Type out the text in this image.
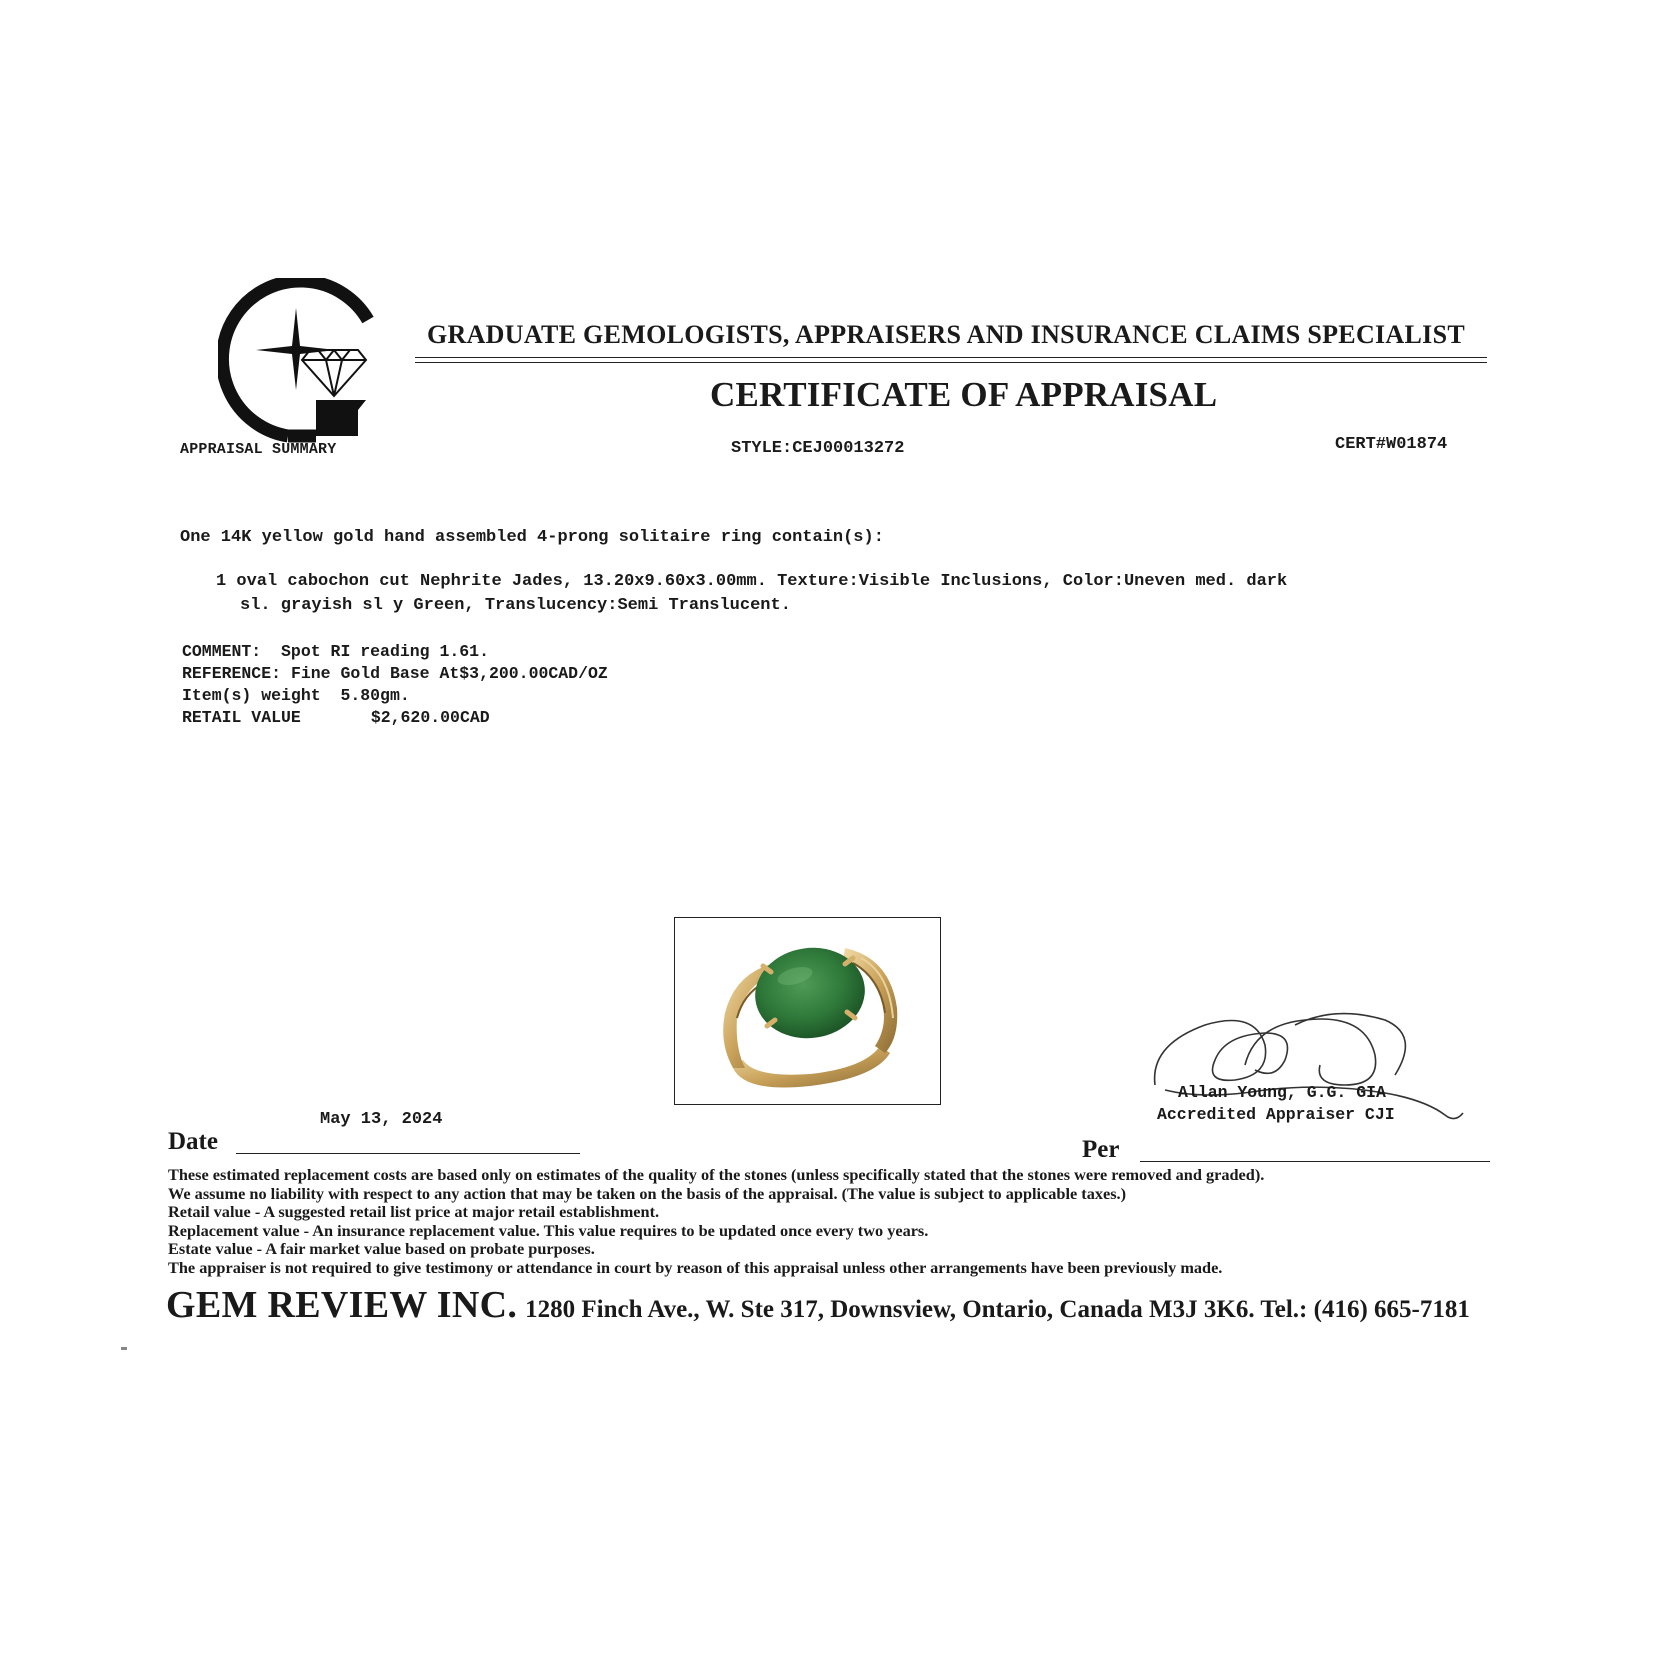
APPRAISAL SUMMARY
GRADUATE GEMOLOGISTS, APPRAISERS AND INSURANCE CLAIMS SPECIALIST
CERTIFICATE OF APPRAISAL
STYLE:CEJ00013272	CERT#W01874
One 14K yellow gold hand assembled 4-prong solitaire ring contain(s):
1 oval cabochon cut Nephrite Jades, 13.20x9.60x3.00mm. Texture:Visible Inclusions, Color:Uneven med. dark
sl. grayish sl y Green, Translucency:Semi Translucent.
COMMENT: Spot RI reading 1.61.
REFERENCE: Fine Gold Base At$3,200.00CAD/OZ
Item(s) weight 5.80gm.
RETAIL VALUE	$2,620.00CAD
Allan Young, G.G. GIA
Accredited Appraiser CJI
May 13, 2024
Date	Per
These estimated replacement costs are based only on estimates of the quality of the stones (unless specifically stated that the stones were removed and graded).
We assume no liability with respect to any action that may be taken on the basis of the appraisal. (The value is subject to applicable taxes.)
Retail value - A suggested retail list price at major retail establishment.
Replacement value - An insurance replacement value. This value requires to be updated once every two years.
Estate value - A fair market value based on probate purposes.
The appraiser is not required to give testimony or attendance in court by reason of this appraisal unless other arrangements have been previously made.
GEM REVIEW INC. 1280 Finch Ave., W. Ste 317, Downsview, Ontario, Canada M3J 3K6. Tel.: (416) 665-7181
